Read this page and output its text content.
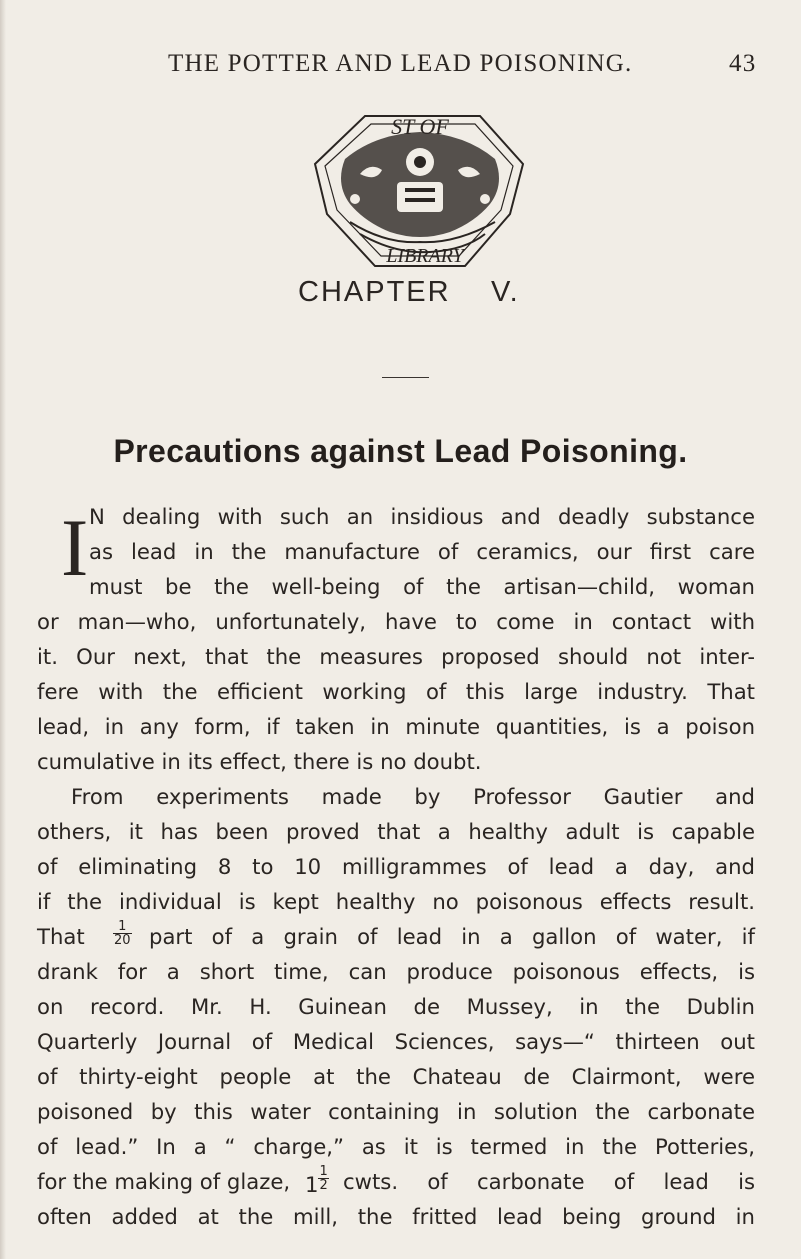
THE POTTER AND LEAD POISONING.	43
ST OF
LIBRARY
CHAPTER V.
Precautions against Lead Poisoning.
I N dealing with such an insidious and deadly substance
as lead in the manufacture of ceramics, our first care
must be the well-being of the artisan—child, woman
or man—who, unfortunately, have to come in contact with
it. Our next, that the measures proposed should not inter-
fere with the efficient working of this large industry. That
lead, in any form, if taken in minute quantities, is a poison
cumulative in its effect, there is no doubt.
From experiments made by Professor Gautier and
others, it has been proved that a healthy adult is capable
of eliminating 8 to 10 milligrammes of lead a day, and
if the individual is kept healthy no poisonous effects result.
That	$\frac{1}{20}$ part of a grain of lead in a gallon of water, if
drank for a short time, can produce poisonous effects, is
on record. Mr. H. Guinean de Mussey, in the Dublin
Quarterly Journal of Medical Sciences, says—“ thirteen out
of thirty-eight people at the Chateau de Clairmont, were
poisoned by this water containing in solution the carbonate
of lead.” In a “ charge,” as it is termed in the Potteries,
for the making of glaze, $1 \frac{1}{2}$ cwts. of carbonate of lead is
often added at the mill, the fritted lead being ground in
